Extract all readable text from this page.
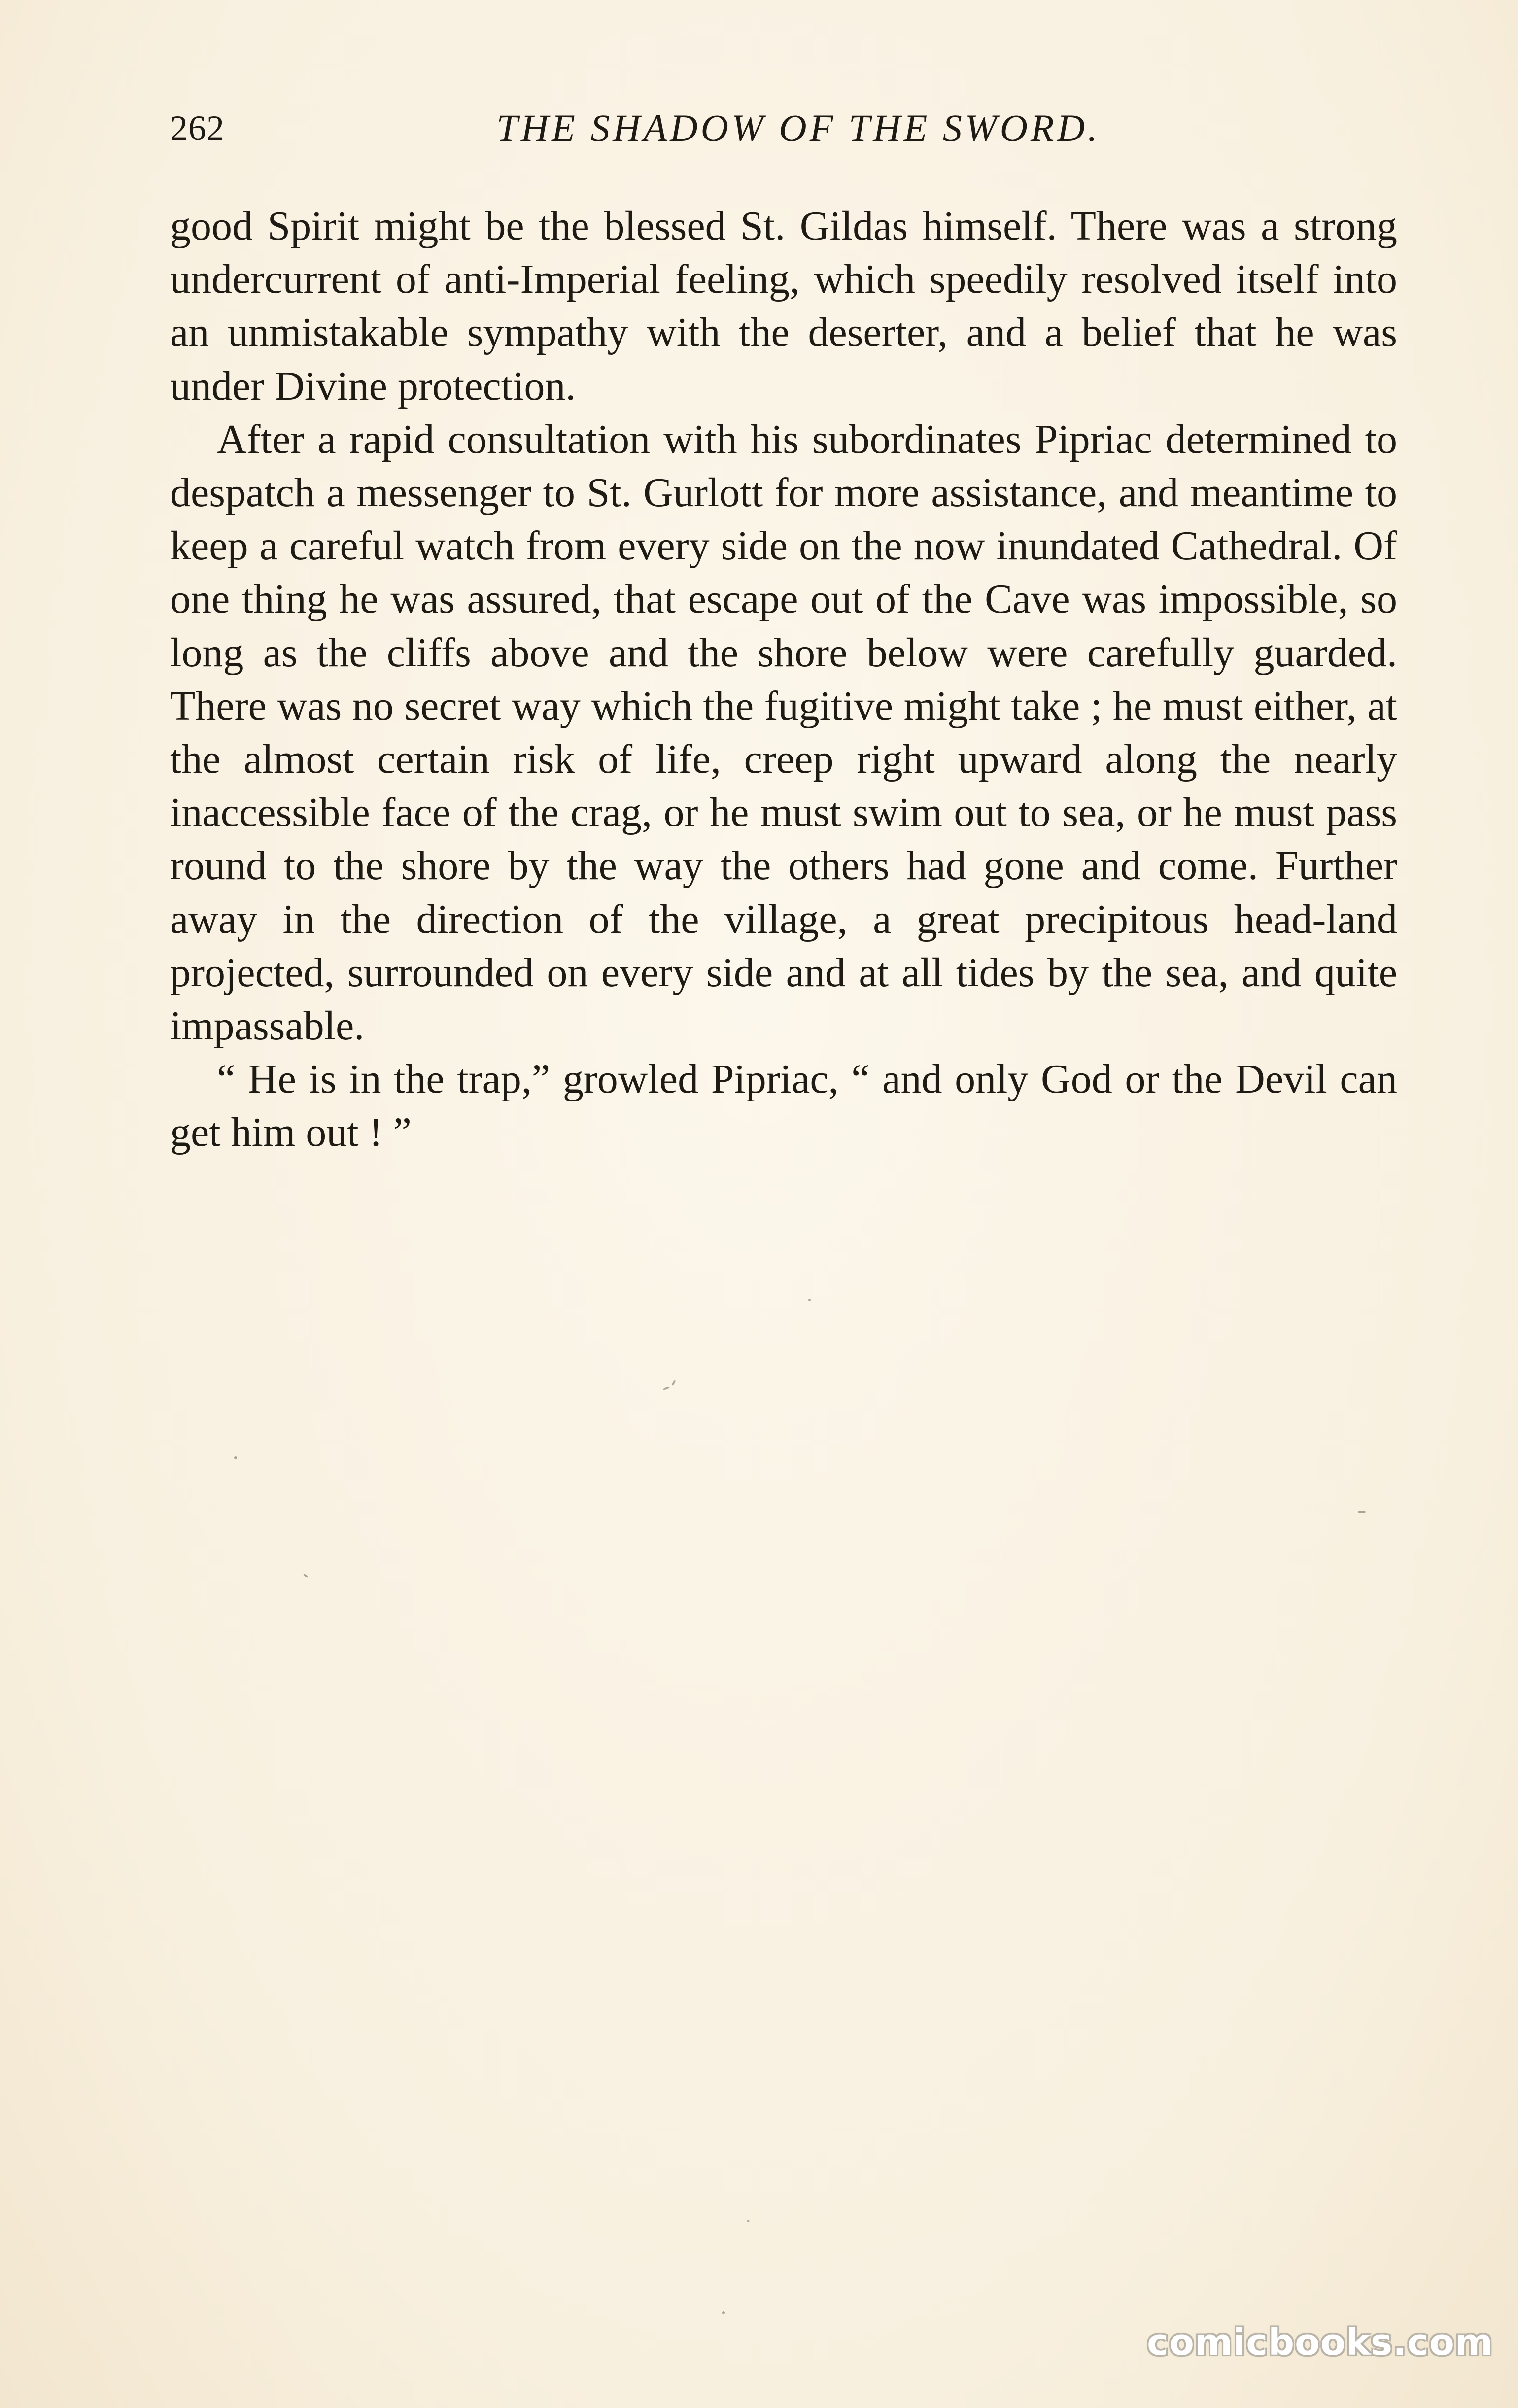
262	THE SHADOW OF THE SWORD.

good Spirit might be the blessed St. Gildas himself. There was a strong undercurrent of anti-Imperial feeling, which speedily resolved itself into an unmistakable sympathy with the deserter, and a belief that he was under Divine protection.

After a rapid consultation with his subordinates Pipriac determined to despatch a messenger to St. Gurlott for more assistance, and meantime to keep a careful watch from every side on the now inundated Cathedral. Of one thing he was assured, that escape out of the Cave was impossible, so long as the cliffs above and the shore below were carefully guarded. There was no secret way which the fugitive might take ; he must either, at the almost certain risk of life, creep right upward along the nearly inaccessible face of the crag, or he must swim out to sea, or he must pass round to the shore by the way the others had gone and come. Further away in the direction of the village, a great precipitous head-land projected, surrounded on every side and at all tides by the sea, and quite impassable.

“ He is in the trap,” growled Pipriac, “ and only God or the Devil can get him out ! ”

comicbooks.com
